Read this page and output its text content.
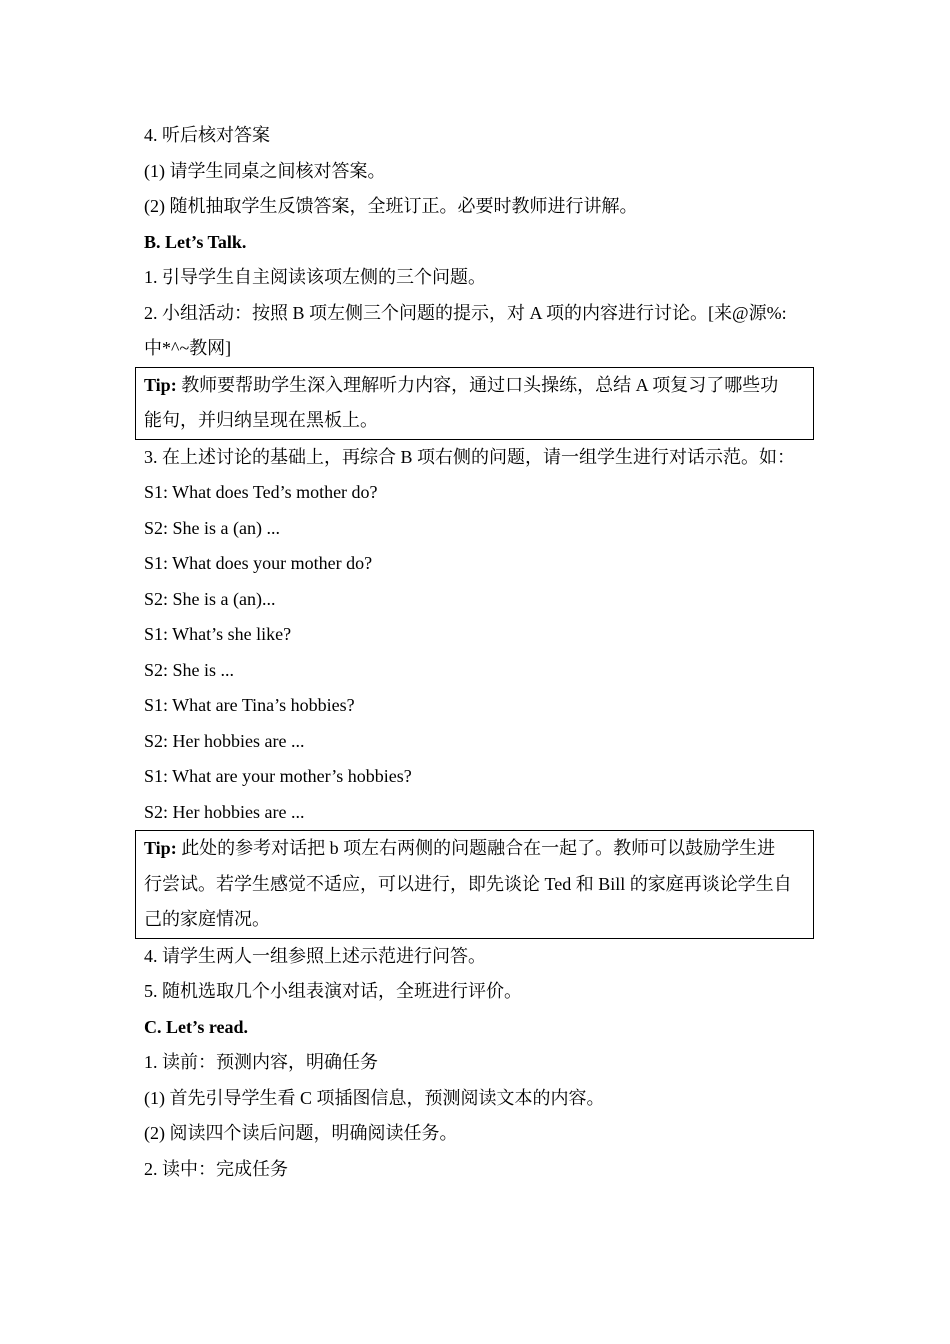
4. 听后核对答案
(1) 请学生同桌之间核对答案。
(2) 随机抽取学生反馈答案，全班订正。必要时教师进行讲解。
B. Let’s Talk.
1. 引导学生自主阅读该项左侧的三个问题。
2. 小组活动：按照 B 项左侧三个问题的提示，对 A 项的内容进行讨论。[来@源%:
中*^~教网]
Tip: 教师要帮助学生深入理解听力内容，通过口头操练，总结 A 项复习了哪些功
能句，并归纳呈现在黑板上。
3. 在上述讨论的基础上，再综合 B 项右侧的问题，请一组学生进行对话示范。如：
S1: What does Ted’s mother do?
S2: She is a (an) ...
S1: What does your mother do?
S2: She is a (an)...
S1: What’s she like?
S2: She is ...
S1: What are Tina’s hobbies?
S2: Her hobbies are ...
S1: What are your mother’s hobbies?
S2: Her hobbies are ...
Tip: 此处的参考对话把 b 项左右两侧的问题融合在一起了。教师可以鼓励学生进
行尝试。若学生感觉不适应，可以进行，即先谈论 Ted 和 Bill 的家庭再谈论学生自
己的家庭情况。
4. 请学生两人一组参照上述示范进行问答。
5. 随机选取几个小组表演对话，全班进行评价。
C. Let’s read.
1. 读前：预测内容，明确任务
(1) 首先引导学生看 C 项插图信息，预测阅读文本的内容。
(2) 阅读四个读后问题，明确阅读任务。
2. 读中：完成任务
